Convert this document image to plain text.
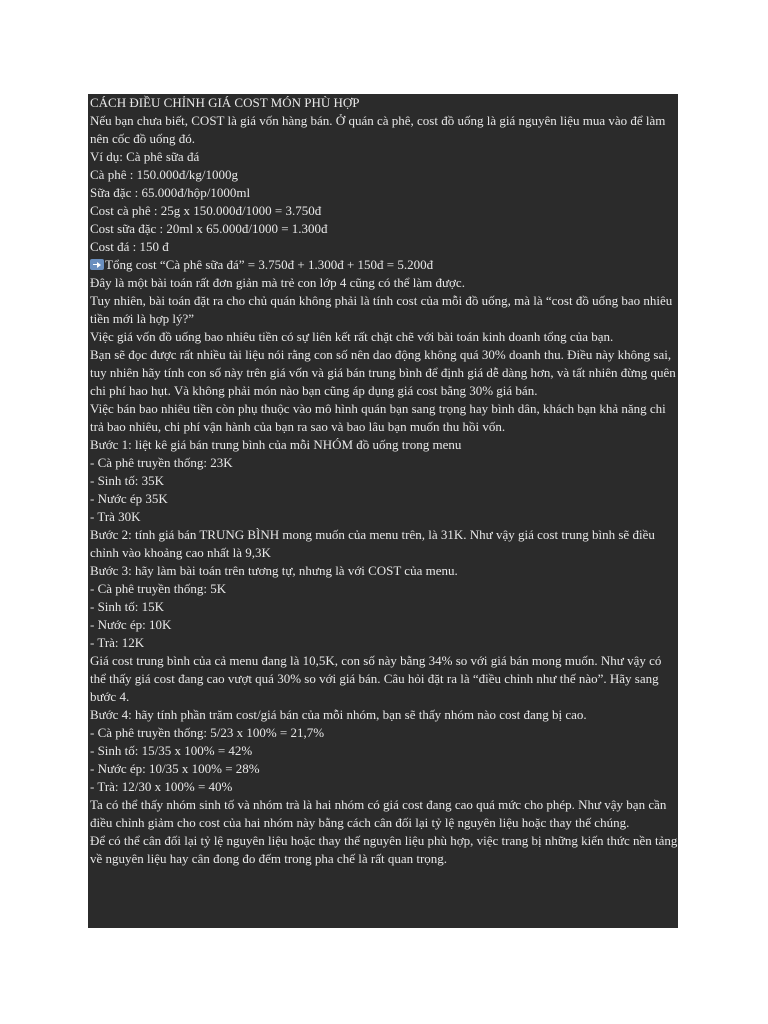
CÁCH ĐIỀU CHỈNH GIÁ COST MÓN PHÙ HỢP

Nếu bạn chưa biết, COST là giá vốn hàng bán. Ở quán cà phê, cost đồ uống là giá nguyên liệu mua vào để làm nên cốc đồ uống đó.

Ví dụ: Cà phê sữa đá

Cà phê : 150.000đ/kg/1000g

Sữa đặc : 65.000đ/hộp/1000ml

Cost cà phê : 25g x 150.000đ/1000 = 3.750đ

Cost sữa đặc : 20ml x 65.000đ/1000 = 1.300đ

Cost đá : 150 đ

Tổng cost “Cà phê sữa đá” = 3.750đ + 1.300đ + 150đ = 5.200đ

Đây là một bài toán rất đơn giản mà trẻ con lớp 4 cũng có thể làm được.

Tuy nhiên, bài toán đặt ra cho chủ quán không phải là tính cost của mỗi đồ uống, mà là “cost đồ uống bao nhiêu tiền mới là hợp lý?”

Việc giá vốn đồ uống bao nhiêu tiền có sự liên kết rất chặt chẽ với bài toán kinh doanh tổng của bạn.

Bạn sẽ đọc được rất nhiều tài liệu nói rằng con số nên dao động không quá 30% doanh thu. Điều này không sai, tuy nhiên hãy tính con số này trên giá vốn và giá bán trung bình để định giá dễ dàng hơn, và tất nhiên đừng quên chi phí hao hụt. Và không phải món nào bạn cũng áp dụng giá cost bằng 30% giá bán.

Việc bán bao nhiêu tiền còn phụ thuộc vào mô hình quán bạn sang trọng hay bình dân, khách bạn khả năng chi trả bao nhiêu, chi phí vận hành của bạn ra sao và bao lâu bạn muốn thu hồi vốn.

Bước 1: liệt kê giá bán trung bình của mỗi NHÓM đồ uống trong menu

- Cà phê truyền thống: 23K

- Sinh tố: 35K

- Nước ép 35K

- Trà 30K

Bước 2: tính giá bán TRUNG BÌNH mong muốn của menu trên, là 31K. Như vậy giá cost trung bình sẽ điều chỉnh vào khoảng cao nhất là 9,3K

Bước 3: hãy làm bài toán trên tương tự, nhưng là với COST của menu.

- Cà phê truyền thống: 5K

- Sinh tố: 15K

- Nước ép: 10K

- Trà: 12K

Giá cost trung bình của cả menu đang là 10,5K, con số này bằng 34% so với giá bán mong muốn. Như vậy có thể thấy giá cost đang cao vượt quá 30% so với giá bán. Câu hỏi đặt ra là “điều chỉnh như thế nào”. Hãy sang bước 4.

Bước 4: hãy tính phần trăm cost/giá bán của mỗi nhóm, bạn sẽ thấy nhóm nào cost đang bị cao.

- Cà phê truyền thống: 5/23 x 100% = 21,7%

- Sinh tố: 15/35 x 100% = 42%

- Nước ép: 10/35 x 100% = 28%

- Trà: 12/30 x 100% = 40%

Ta có thể thấy nhóm sinh tố và nhóm trà là hai nhóm có giá cost đang cao quá mức cho phép. Như vậy bạn cần điều chỉnh giảm cho cost của hai nhóm này bằng cách cân đối lại tỷ lệ nguyên liệu hoặc thay thế chúng.

Để có thể cân đối lại tỷ lệ nguyên liệu hoặc thay thế nguyên liệu phù hợp, việc trang bị những kiến thức nền tảng về nguyên liệu hay cân đong đo đếm trong pha chế là rất quan trọng.
